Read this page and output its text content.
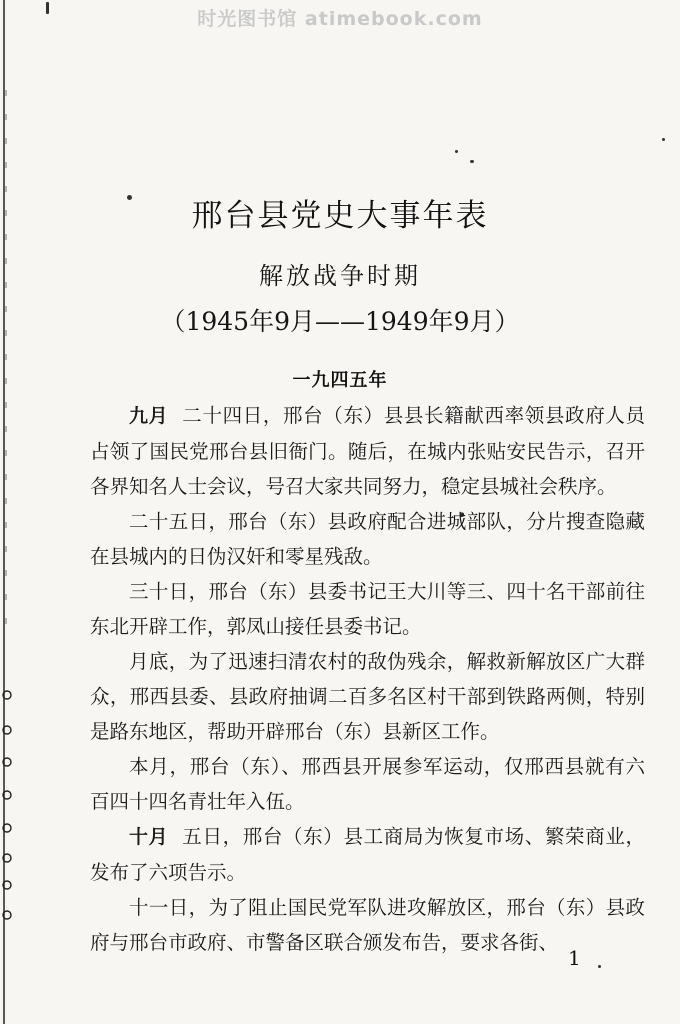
时光图书馆 atimebook.com
邢台县党史大事年表
解放战争时期
（1945年9月——1949年9月）
一九四五年

九月 二十四日，邢台（东）县县长籍献西率领县政府人员占领了国民党邢台县旧衙门。随后，在城内张贴安民告示，召开各界知名人士会议，号召大家共同努力，稳定县城社会秩序。

二十五日，邢台（东）县政府配合进城部队，分片搜查隐藏在县城内的日伪汉奸和零星残敌。

三十日，邢台（东）县委书记王大川等三、四十名干部前往东北开辟工作，郭凤山接任县委书记。

月底，为了迅速扫清农村的敌伪残余，解救新解放区广大群众，邢西县委、县政府抽调二百多名区村干部到铁路两侧，特别是路东地区，帮助开辟邢台（东）县新区工作。

本月，邢台（东）、邢西县开展参军运动，仅邢西县就有六百四十四名青壮年入伍。

十月 五日，邢台（东）县工商局为恢复市场、繁荣商业，发布了六项告示。

十一日，为了阻止国民党军队进攻解放区，邢台（东）县政府与邢台市政府、市警备区联合颁发布告，要求各街、

1
